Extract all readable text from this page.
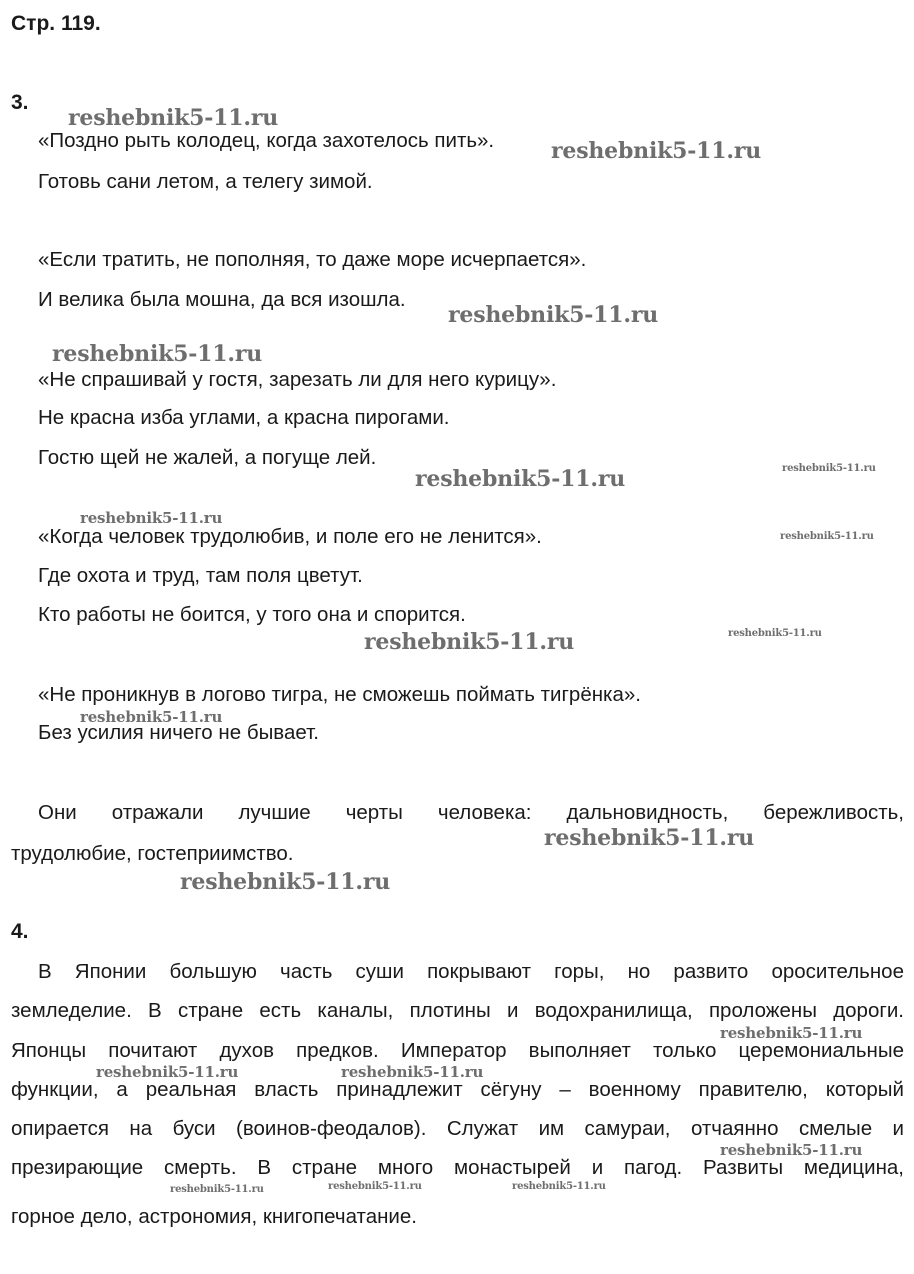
Стр. 119.
3.

«Поздно рыть колодец, когда захотелось пить».

Готовь сани летом, а телегу зимой.

«Если тратить, не пополняя, то даже море исчерпается».

И велика была мошна, да вся изошла.

«Не спрашивай у гостя, зарезать ли для него курицу».

Не красна изба углами, а красна пирогами.

Гостю щей не жалей, а погуще лей.

«Когда человек трудолюбив, и поле его не ленится».

Где охота и труд, там поля цветут.

Кто работы не боится, у того она и спорится.

«Не проникнув в логово тигра, не сможешь поймать тигрёнка».

Без усилия ничего не бывает.

Они отражали лучшие черты человека: дальновидность, бережливость,

трудолюбие, гостеприимство.

4.

В Японии большую часть суши покрывают горы, но развито оросительное

земледелие. В стране есть каналы, плотины и водохранилища, проложены дороги.

Японцы почитают духов предков. Император выполняет только церемониальные

функции, а реальная власть принадлежит сёгуну – военному правителю, который

опирается на буси (воинов-феодалов). Служат им самураи, отчаянно смелые и

презирающие смерть. В стране много монастырей и пагод. Развиты медицина,

горное дело, астрономия, книгопечатание.

reshebnik5-11.ru
reshebnik5-11.ru
reshebnik5-11.ru
reshebnik5-11.ru
reshebnik5-11.ru	reshebnik5-11.ru
reshebnik5-11.ru
reshebnik5-11.ru
reshebnik5-11.ru	reshebnik5-11.ru
reshebnik5-11.ru
reshebnik5-11.ru
reshebnik5-11.ru
reshebnik5-11.ru
reshebnik5-11.ru	reshebnik5-11.ru
reshebnik5-11.ru
reshebnik5-11.ru	reshebnik5-11.ru	reshebnik5-11.ru
